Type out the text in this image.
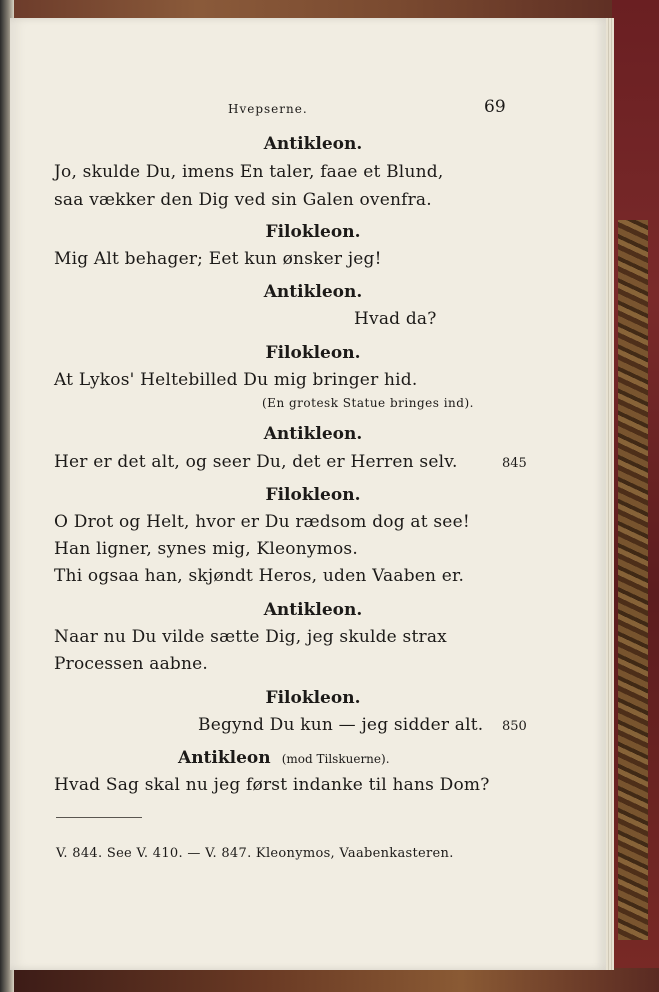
Hvepserne.	69
Antikleon.
Jo, skulde Du, imens En taler, faae et Blund,
saa vækker den Dig ved sin Galen ovenfra.
Filokleon.
Mig Alt behager; Eet kun ønsker jeg!
Antikleon.
Hvad da?
Filokleon.
At Lykos' Heltebilled Du mig bringer hid.
(En grotesk Statue bringes ind).
Antikleon.
Her er det alt, og seer Du, det er Herren selv.	845
Filokleon.
O Drot og Helt, hvor er Du rædsom dog at see!
Han ligner, synes mig, Kleonymos.
Thi ogsaa han, skjøndt Heros, uden Vaaben er.
Antikleon.
Naar nu Du vilde sætte Dig, jeg skulde strax
Processen aabne.
Filokleon.
Begynd Du kun — jeg sidder alt. 850
Antikleon (mod Tilskuerne).
Hvad Sag skal nu jeg først indanke til hans Dom?
V. 844. See V. 410. — V. 847. Kleonymos, Vaabenkasteren.
